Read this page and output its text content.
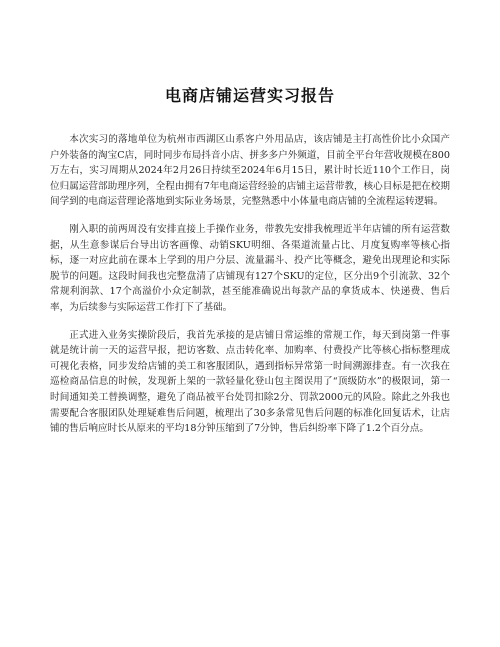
电商店铺运营实习报告

本次实习的落地单位为杭州市西湖区山系客户外用品店，该店铺是主打高性价比小众国产户外装备的淘宝C店，同时同步布局抖音小店、拼多多户外频道，目前全平台年营收规模在800万左右，实习周期从2024年2月26日持续至2024年6月15日，累计时长近110个工作日，岗位归属运营部助理序列，全程由拥有7年电商运营经验的店铺主运营带教，核心目标是把在校期间学到的电商运营理论落地到实际业务场景，完整熟悉中小体量电商店铺的全流程运转逻辑。

刚入职的前两周没有安排直接上手操作业务，带教先安排我梳理近半年店铺的所有运营数据，从生意参谋后台导出访客画像、动销SKU明细、各渠道流量占比、月度复购率等核心指标，逐一对应此前在课本上学到的用户分层、流量漏斗、投产比等概念，避免出现理论和实际脱节的问题。这段时间我也完整盘清了店铺现有127个SKU的定位，区分出9个引流款、32个常规利润款、17个高溢价小众定制款，甚至能准确说出每款产品的拿货成本、快递费、售后率，为后续参与实际运营工作打下了基础。

正式进入业务实操阶段后，我首先承接的是店铺日常运维的常规工作，每天到岗第一件事就是统计前一天的运营早报，把访客数、点击转化率、加购率、付费投产比等核心指标整理成可视化表格，同步发给店铺的美工和客服团队，遇到指标异常第一时间溯源排查。有一次我在巡检商品信息的时候，发现新上架的一款轻量化登山包主图误用了“顶级防水”的极限词，第一时间通知美工替换调整，避免了商品被平台处罚扣除2分、罚款2000元的风险。除此之外我也需要配合客服团队处理疑难售后问题，梳理出了30多条常见售后问题的标准化回复话术，让店铺的售后响应时长从原来的平均18分钟压缩到了7分钟，售后纠纷率下降了1.2个百分点。
